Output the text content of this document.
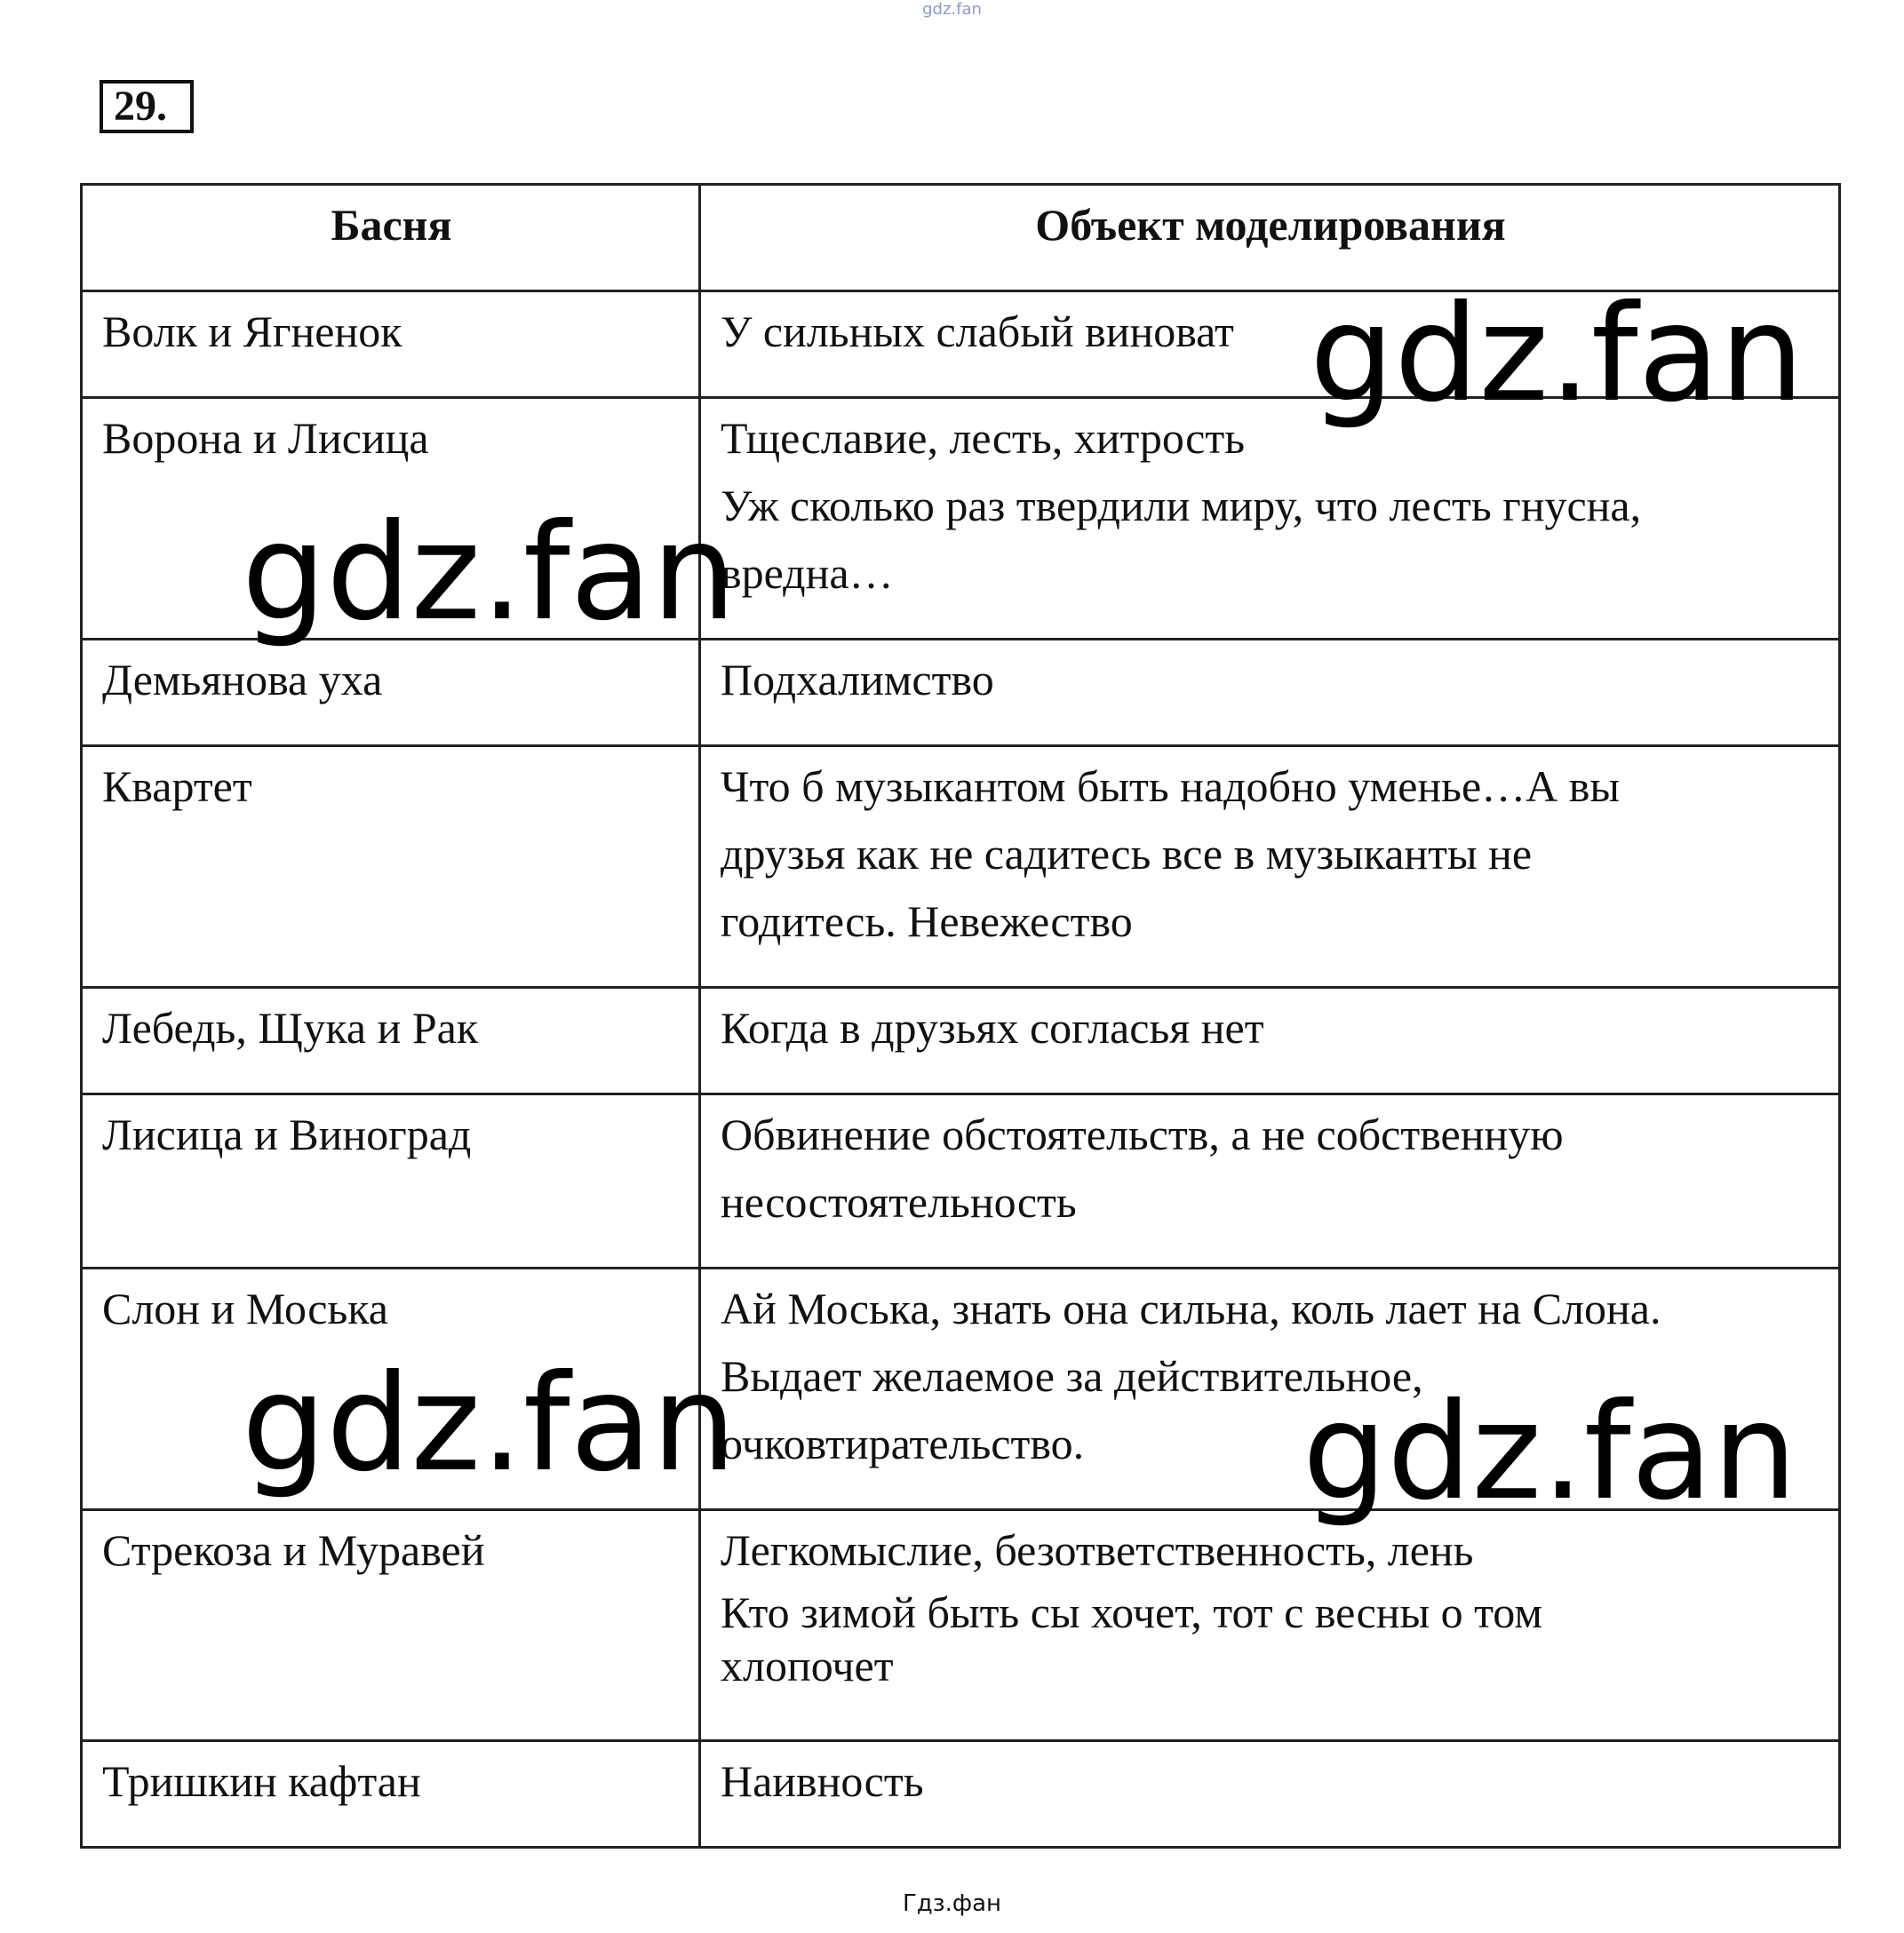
gdz.fan
29.
Басня	Объект моделирования

Волк и Ягненок	У сильных слабый виноват

Ворона и Лисица	Тщеславие, лесть, хитрость
Уж сколько раз твердили миру, что лесть гнусна,
вредна…

Демьянова уха	Подхалимство

Квартет	Что б музыкантом быть надобно уменье…А вы
друзья как не садитесь все в музыканты не
годитесь. Невежество

Лебедь, Щука и Рак	Когда в друзьях согласья нет

Лисица и Виноград	Обвинение обстоятельств, а не собственную
несостоятельность

Слон и Моська	Ай Моська, знать она сильна, коль лает на Слона.
Выдает желаемое за действительное,
очковтирательство.

Стрекоза и Муравей	Легкомыслие, безответственность, лень
Кто зимой быть сы хочет, тот с весны о том
хлопочет

Тришкин кафтан	Наивность
gdz.fan
gdz.fan
gdz.fan	gdz.fan
Гдз.фан
